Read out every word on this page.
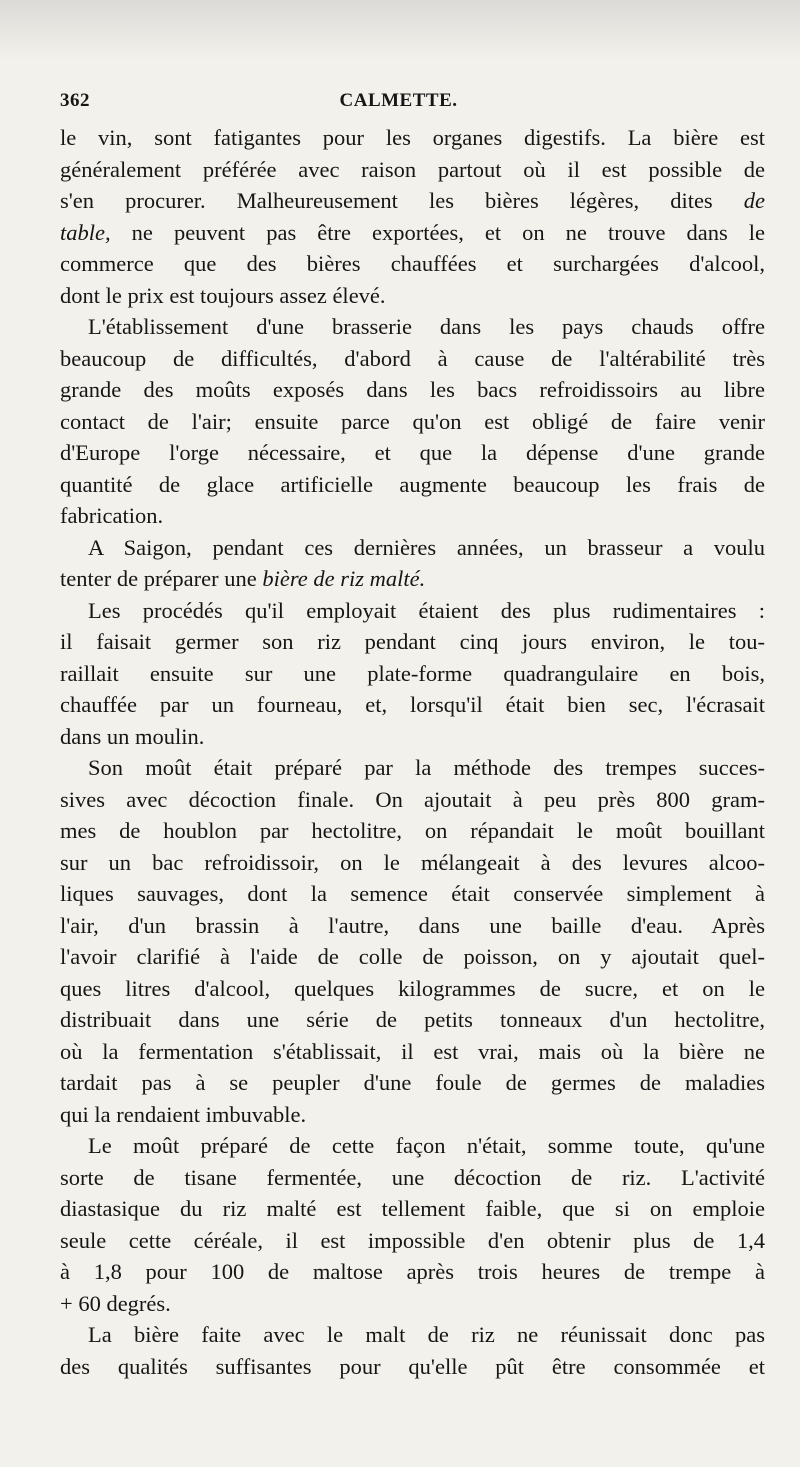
362	CALMETTE.
le vin, sont fatigantes pour les organes digestifs. La bière est
généralement préférée avec raison partout où il est possible de
s'en procurer. Malheureusement les bières légères, dites de
table, ne peuvent pas être exportées, et on ne trouve dans le
commerce que des bières chauffées et surchargées d'alcool,
dont le prix est toujours assez élevé.
L'établissement d'une brasserie dans les pays chauds offre
beaucoup de difficultés, d'abord à cause de l'altérabilité très
grande des moûts exposés dans les bacs refroidissoirs au libre
contact de l'air; ensuite parce qu'on est obligé de faire venir
d'Europe l'orge nécessaire, et que la dépense d'une grande
quantité de glace artificielle augmente beaucoup les frais de
fabrication.
A Saigon, pendant ces dernières années, un brasseur a voulu
tenter de préparer une bière de riz malté.
Les procédés qu'il employait étaient des plus rudimentaires :
il faisait germer son riz pendant cinq jours environ, le tou-
raillait ensuite sur une plate-forme quadrangulaire en bois,
chauffée par un fourneau, et, lorsqu'il était bien sec, l'écrasait
dans un moulin.
Son moût était préparé par la méthode des trempes succes-
sives avec décoction finale. On ajoutait à peu près 800 gram-
mes de houblon par hectolitre, on répandait le moût bouillant
sur un bac refroidissoir, on le mélangeait à des levures alcoo-
liques sauvages, dont la semence était conservée simplement à
l'air, d'un brassin à l'autre, dans une baille d'eau. Après
l'avoir clarifié à l'aide de colle de poisson, on y ajoutait quel-
ques litres d'alcool, quelques kilogrammes de sucre, et on le
distribuait dans une série de petits tonneaux d'un hectolitre,
où la fermentation s'établissait, il est vrai, mais où la bière ne
tardait pas à se peupler d'une foule de germes de maladies
qui la rendaient imbuvable.
Le moût préparé de cette façon n'était, somme toute, qu'une
sorte de tisane fermentée, une décoction de riz. L'activité
diastasique du riz malté est tellement faible, que si on emploie
seule cette céréale, il est impossible d'en obtenir plus de 1,4
à 1,8 pour 100 de maltose après trois heures de trempe à
+ 60 degrés.
La bière faite avec le malt de riz ne réunissait donc pas
des qualités suffisantes pour qu'elle pût être consommée et
